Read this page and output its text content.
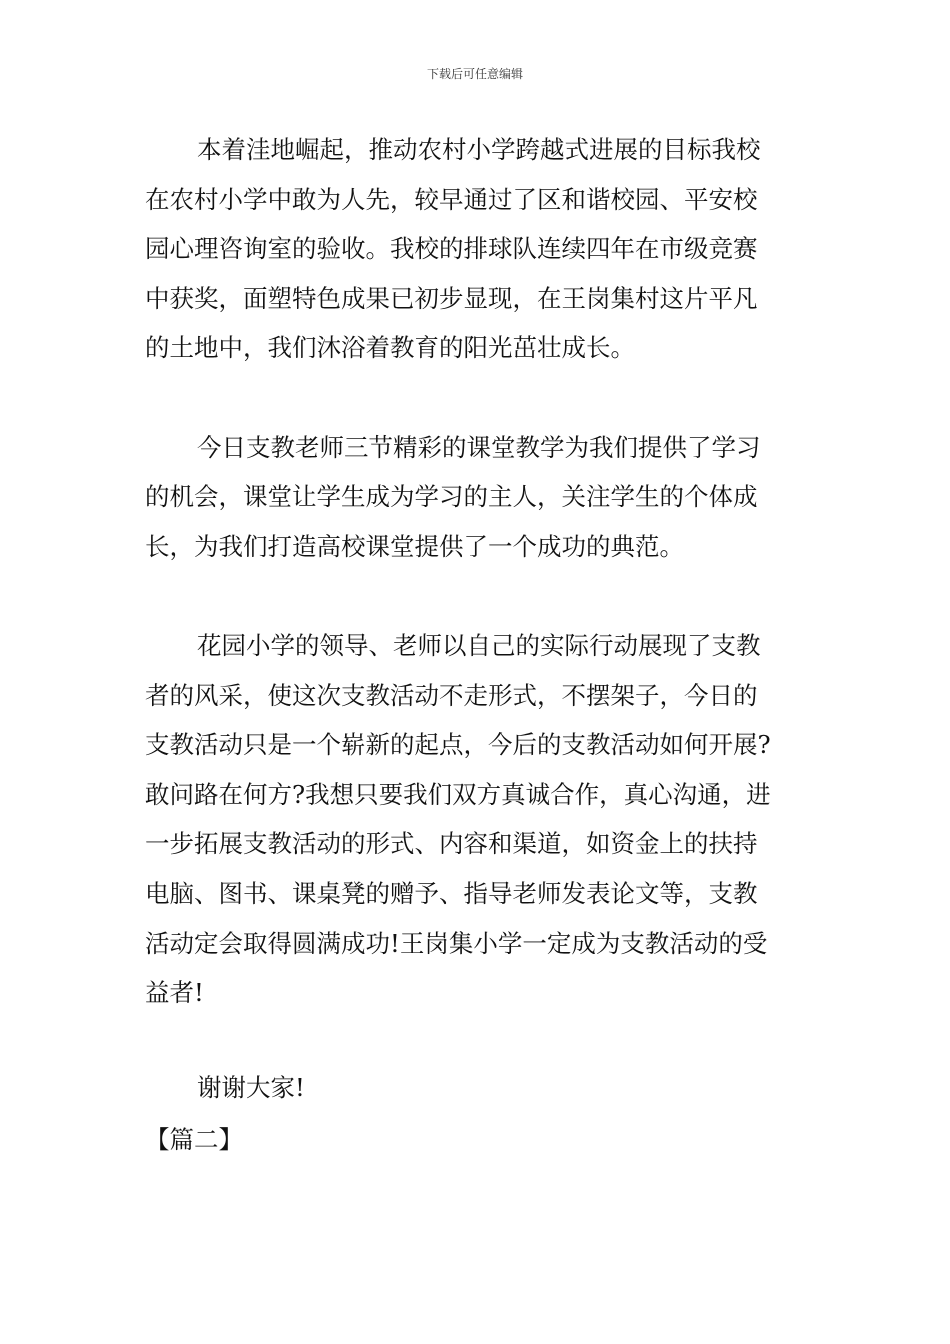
下载后可任意编辑
本着洼地崛起，推动农村小学跨越式进展的目标我校
在农村小学中敢为人先，较早通过了区和谐校园、平安校
园心理咨询室的验收。我校的排球队连续四年在市级竞赛
中获奖，面塑特色成果已初步显现，在王岗集村这片平凡
的土地中，我们沐浴着教育的阳光茁壮成长。
今日支教老师三节精彩的课堂教学为我们提供了学习
的机会，课堂让学生成为学习的主人，关注学生的个体成
长，为我们打造高校课堂提供了一个成功的典范。
花园小学的领导、老师以自己的实际行动展现了支教
者的风采，使这次支教活动不走形式，不摆架子，今日的
支教活动只是一个崭新的起点，今后的支教活动如何开展?
敢问路在何方?我想只要我们双方真诚合作，真心沟通，进
一步拓展支教活动的形式、内容和渠道，如资金上的扶持
电脑、图书、课桌凳的赠予、指导老师发表论文等，支教
活动定会取得圆满成功!王岗集小学一定成为支教活动的受
益者!
谢谢大家!
【篇二】
